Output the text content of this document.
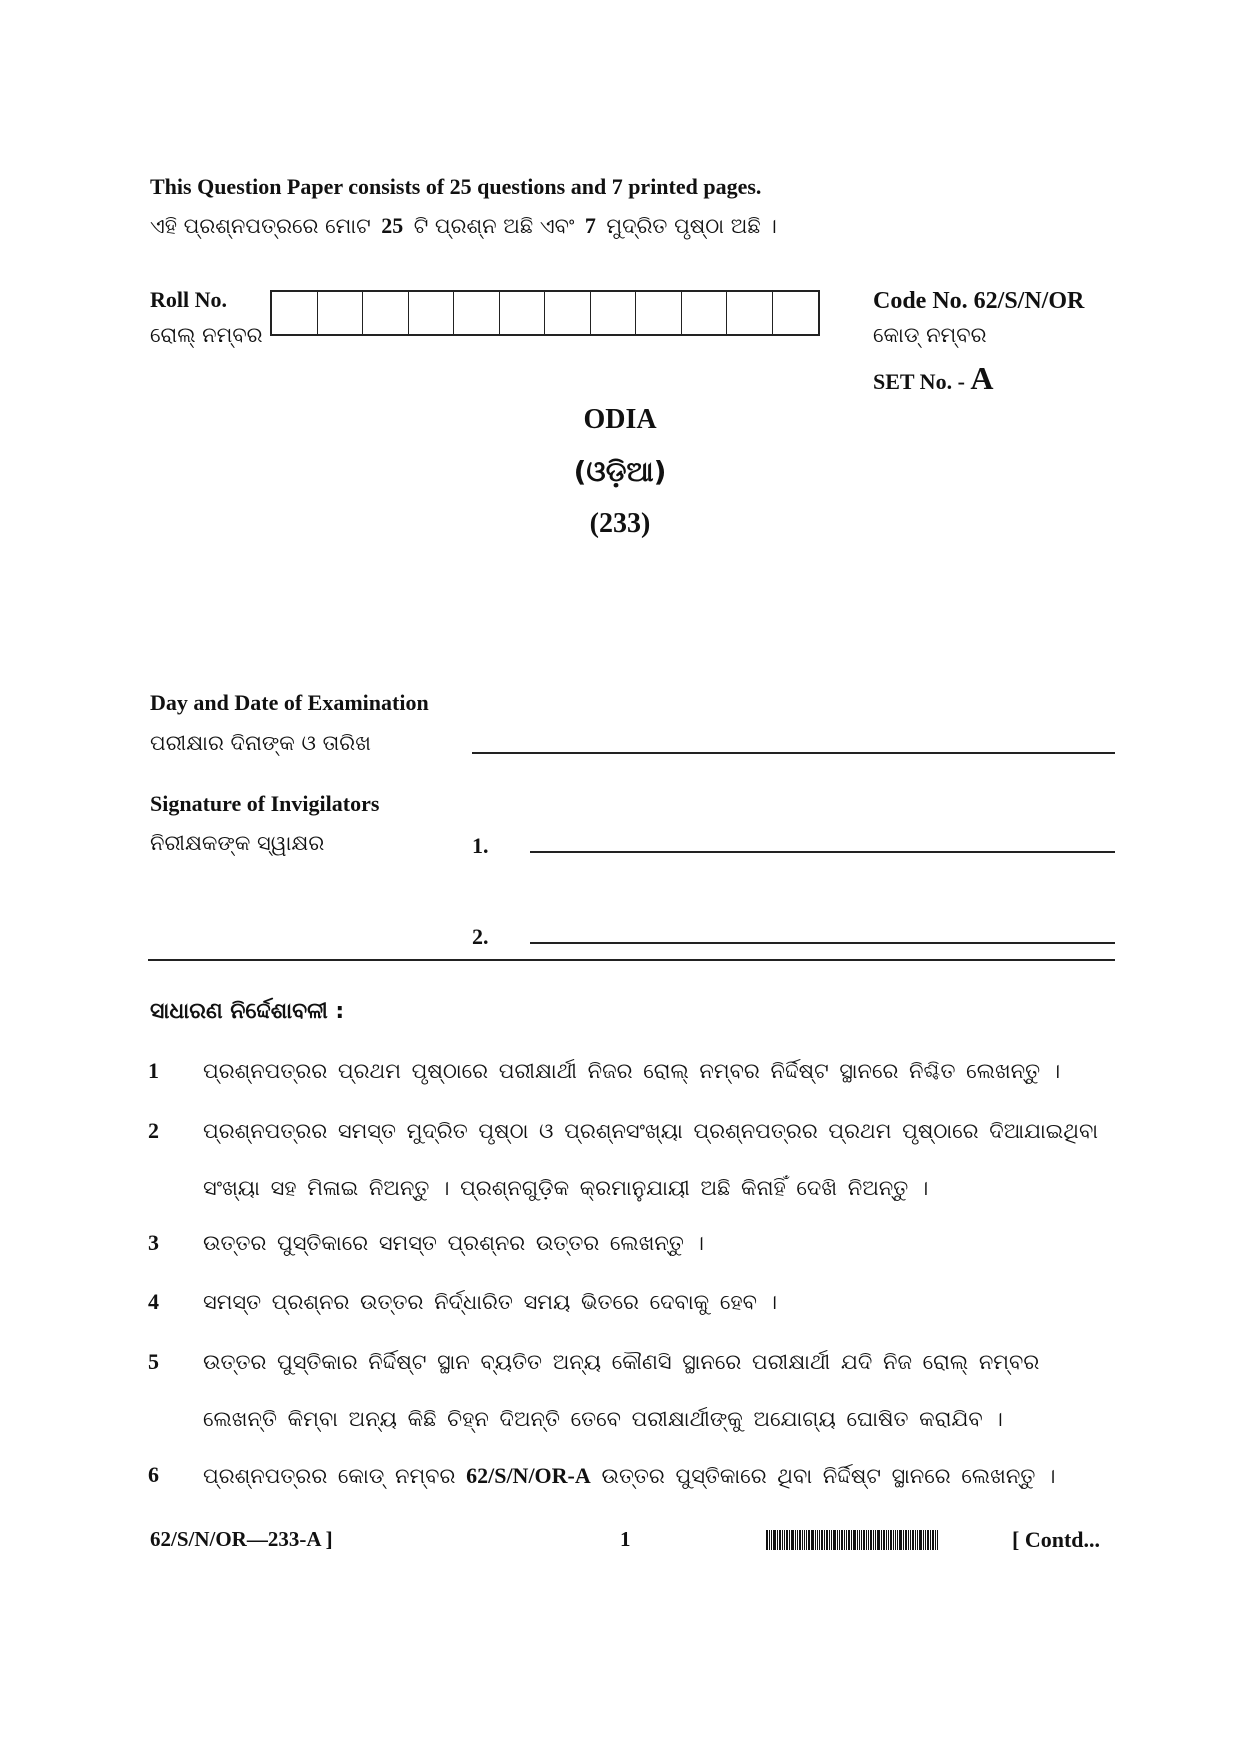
This Question Paper consists of 25 questions and 7 printed pages.
ଏହି ପ୍ରଶ୍ନପତ୍ରରେ ମୋଟ 25 ଟି ପ୍ରଶ୍ନ ଅଛି ଏବଂ 7 ମୁଦ୍ରିତ ପୃଷ୍ଠା ଅଛି ।
Roll No.
ରୋଲ୍ ନମ୍ବର
Code No. 62/S/N/OR
କୋଡ୍ ନମ୍ବର
SET No. - A
ODIA
(ଓଡ଼ିଆ)
(233)
Day and Date of Examination
ପରୀକ୍ଷାର ଦିନାଙ୍କ ଓ ତାରିଖ
Signature of Invigilators
ନିରୀକ୍ଷକଙ୍କ ସ୍ୱାକ୍ଷର	1.
2.
ସାଧାରଣ ନିର୍ଦ୍ଦେଶାବଳୀ :
1 ପ୍ରଶ୍ନପତ୍ରର ପ୍ରଥମ ପୃଷ୍ଠାରେ ପରୀକ୍ଷାର୍ଥୀ ନିଜର ରୋଲ୍ ନମ୍ବର ନିର୍ଦ୍ଦିଷ୍ଟ ସ୍ଥାନରେ ନିଶ୍ଚିତ ଲେଖନ୍ତୁ ।
2 ପ୍ରଶ୍ନପତ୍ରର ସମସ୍ତ ମୁଦ୍ରିତ ପୃଷ୍ଠା ଓ ପ୍ରଶ୍ନସଂଖ୍ୟା ପ୍ରଶ୍ନପତ୍ରର ପ୍ରଥମ ପୃଷ୍ଠାରେ ଦିଆଯାଇଥିବା ସଂଖ୍ୟା ସହ ମିଳାଇ ନିଅନ୍ତୁ । ପ୍ରଶ୍ନଗୁଡ଼ିକ କ୍ରମାନୁଯାୟୀ ଅଛି କିନାହିଁ ଦେଖି ନିଅନ୍ତୁ ।
3 ଉତ୍ତର ପୁସ୍ତିକାରେ ସମସ୍ତ ପ୍ରଶ୍ନର ଉତ୍ତର ଲେଖନ୍ତୁ ।
4 ସମସ୍ତ ପ୍ରଶ୍ନର ଉତ୍ତର ନିର୍ଦ୍ଧାରିତ ସମୟ ଭିତରେ ଦେବାକୁ ହେବ ।
5 ଉତ୍ତର ପୁସ୍ତିକାର ନିର୍ଦ୍ଦିଷ୍ଟ ସ୍ଥାନ ବ୍ୟତିତ ଅନ୍ୟ କୌଣସି ସ୍ଥାନରେ ପରୀକ୍ଷାର୍ଥୀ ଯଦି ନିଜ ରୋଲ୍ ନମ୍ବର ଲେଖନ୍ତି କିମ୍ବା ଅନ୍ୟ କିଛି ଚିହ୍ନ ଦିଅନ୍ତି ତେବେ ପରୀକ୍ଷାର୍ଥୀଙ୍କୁ ଅଯୋଗ୍ୟ ଘୋଷିତ କରାଯିବ ।
6 ପ୍ରଶ୍ନପତ୍ରର କୋଡ୍ ନମ୍ବର 62/S/N/OR-A ଉତ୍ତର ପୁସ୍ତିକାରେ ଥିବା ନିର୍ଦ୍ଦିଷ୍ଟ ସ୍ଥାନରେ ଲେଖନ୍ତୁ ।
62/S/N/OR—233-A ]	1	[ Contd...
